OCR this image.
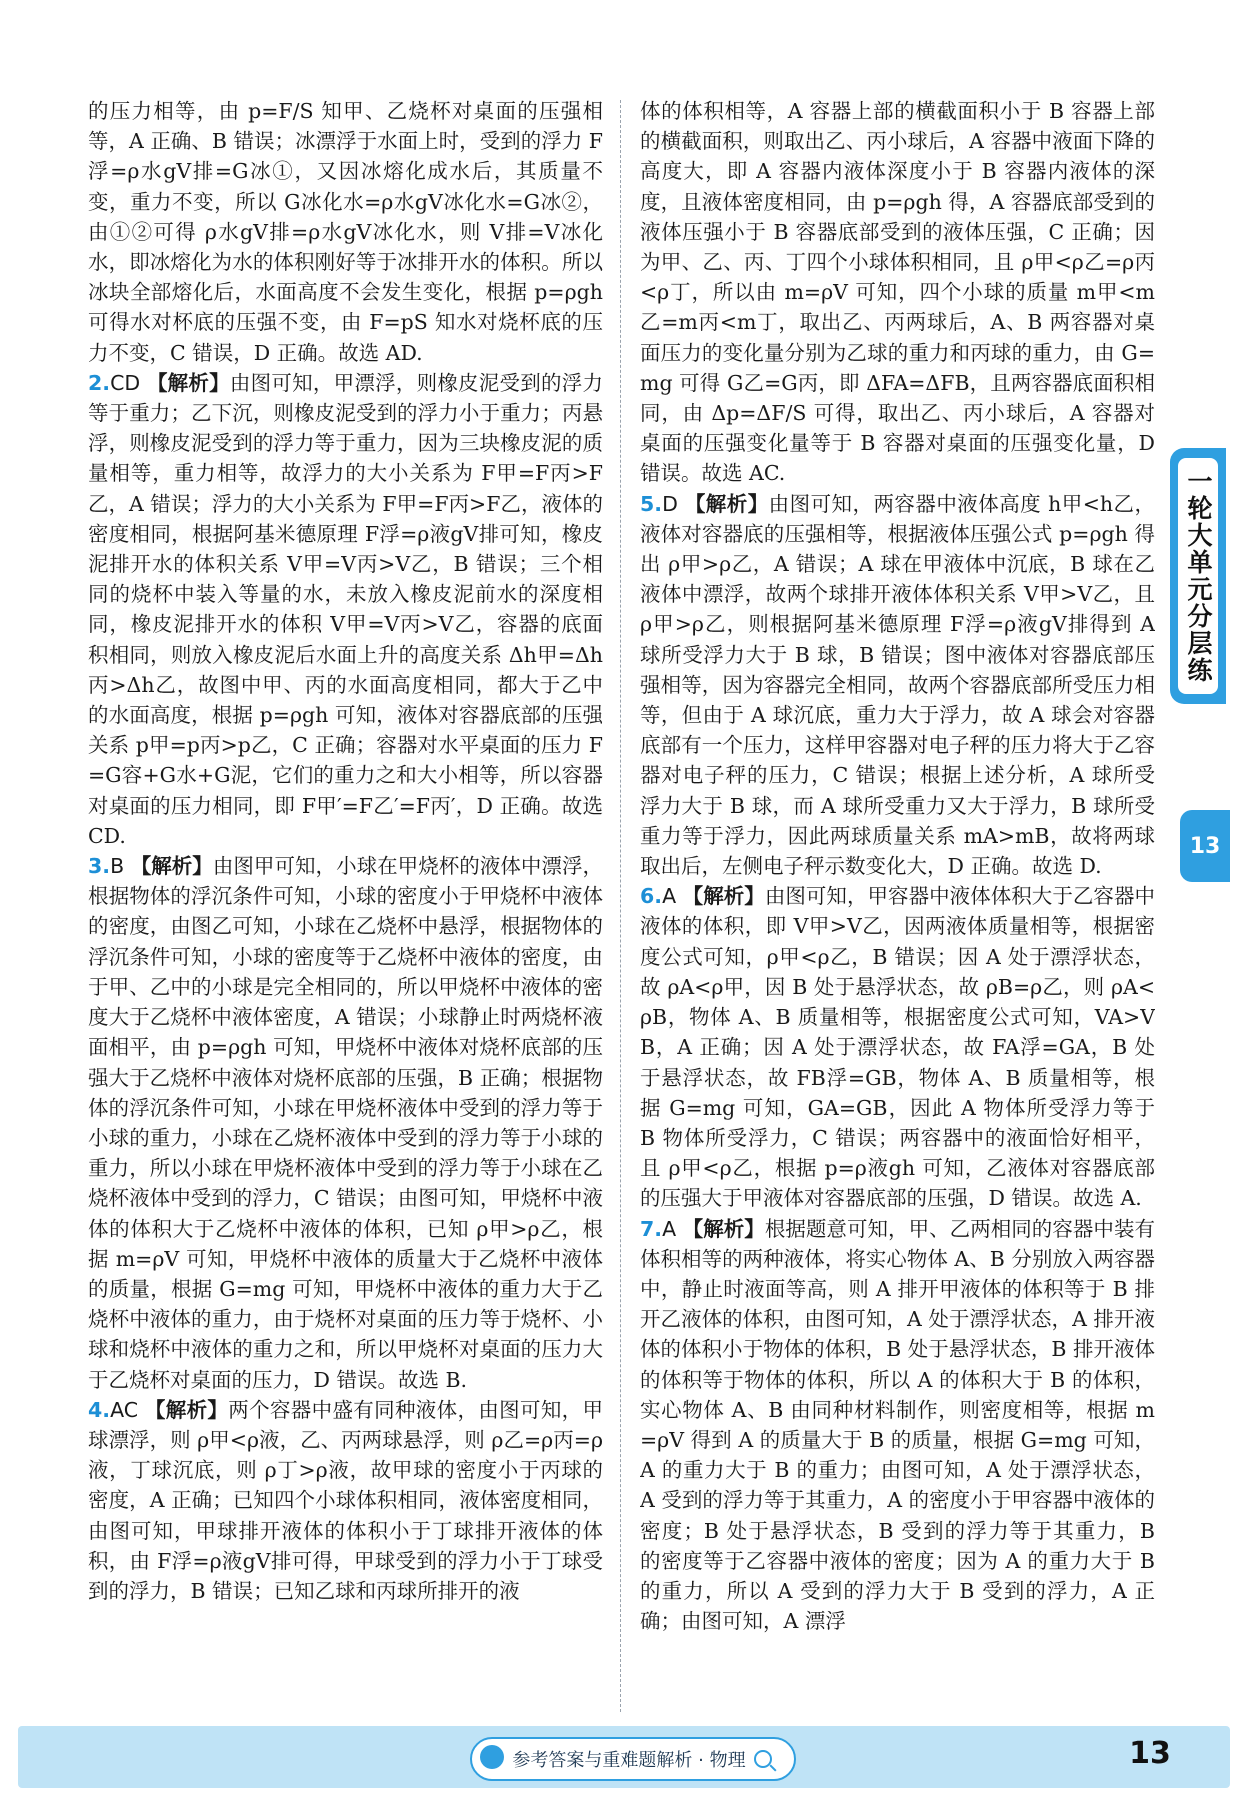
的压力相等，由 p=F/S 知甲、乙烧杯对桌面的压强相等，A 正确、B 错误；冰漂浮于水面上时，受到的浮力 F浮=ρ水gV排=G冰①，又因冰熔化成水后，其质量不变，重力不变，所以 G冰化水=ρ水gV冰化水=G冰②，由①②可得 ρ水gV排=ρ水gV冰化水，则 V排=V冰化水，即冰熔化为水的体积刚好等于冰排开水的体积。所以冰块全部熔化后，水面高度不会发生变化，根据 p=ρgh 可得水对杯底的压强不变，由 F=pS 知水对烧杯底的压力不变，C 错误，D 正确。故选 AD.

2.CD 【解析】由图可知，甲漂浮，则橡皮泥受到的浮力等于重力；乙下沉，则橡皮泥受到的浮力小于重力；丙悬浮，则橡皮泥受到的浮力等于重力，因为三块橡皮泥的质量相等，重力相等，故浮力的大小关系为 F甲=F丙>F乙，A 错误；浮力的大小关系为 F甲=F丙>F乙，液体的密度相同，根据阿基米德原理 F浮=ρ液gV排可知，橡皮泥排开水的体积关系 V甲=V丙>V乙，B 错误；三个相同的烧杯中装入等量的水，未放入橡皮泥前水的深度相同，橡皮泥排开水的体积 V甲=V丙>V乙，容器的底面积相同，则放入橡皮泥后水面上升的高度关系 Δh甲=Δh丙>Δh乙，故图中甲、丙的水面高度相同，都大于乙中的水面高度，根据 p=ρgh 可知，液体对容器底部的压强关系 p甲=p丙>p乙，C 正确；容器对水平桌面的压力 F=G容+G水+G泥，它们的重力之和大小相等，所以容器对桌面的压力相同，即 F甲′=F乙′=F丙′，D 正确。故选 CD.

3.B 【解析】由图甲可知，小球在甲烧杯的液体中漂浮，根据物体的浮沉条件可知，小球的密度小于甲烧杯中液体的密度，由图乙可知，小球在乙烧杯中悬浮，根据物体的浮沉条件可知，小球的密度等于乙烧杯中液体的密度，由于甲、乙中的小球是完全相同的，所以甲烧杯中液体的密度大于乙烧杯中液体密度，A 错误；小球静止时两烧杯液面相平，由 p=ρgh 可知，甲烧杯中液体对烧杯底部的压强大于乙烧杯中液体对烧杯底部的压强，B 正确；根据物体的浮沉条件可知，小球在甲烧杯液体中受到的浮力等于小球的重力，小球在乙烧杯液体中受到的浮力等于小球的重力，所以小球在甲烧杯液体中受到的浮力等于小球在乙烧杯液体中受到的浮力，C 错误；由图可知，甲烧杯中液体的体积大于乙烧杯中液体的体积，已知 ρ甲>ρ乙，根据 m=ρV 可知，甲烧杯中液体的质量大于乙烧杯中液体的质量，根据 G=mg 可知，甲烧杯中液体的重力大于乙烧杯中液体的重力，由于烧杯对桌面的压力等于烧杯、小球和烧杯中液体的重力之和，所以甲烧杯对桌面的压力大于乙烧杯对桌面的压力，D 错误。故选 B.

4.AC 【解析】两个容器中盛有同种液体，由图可知，甲球漂浮，则 ρ甲<ρ液，乙、丙两球悬浮，则 ρ乙=ρ丙=ρ液，丁球沉底，则 ρ丁>ρ液，故甲球的密度小于丙球的密度，A 正确；已知四个小球体积相同，液体密度相同，由图可知，甲球排开液体的体积小于丁球排开液体的体积，由 F浮=ρ液gV排可得，甲球受到的浮力小于丁球受到的浮力，B 错误；已知乙球和丙球所排开的液

体的体积相等，A 容器上部的横截面积小于 B 容器上部的横截面积，则取出乙、丙小球后，A 容器中液面下降的高度大，即 A 容器内液体深度小于 B 容器内液体的深度，且液体密度相同，由 p=ρgh 得，A 容器底部受到的液体压强小于 B 容器底部受到的液体压强，C 正确；因为甲、乙、丙、丁四个小球体积相同，且 ρ甲<ρ乙=ρ丙<ρ丁，所以由 m=ρV 可知，四个小球的质量 m甲<m乙=m丙<m丁，取出乙、丙两球后，A、B 两容器对桌面压力的变化量分别为乙球的重力和丙球的重力，由 G=mg 可得 G乙=G丙，即 ΔFA=ΔFB，且两容器底面积相同，由 Δp=ΔF/S 可得，取出乙、丙小球后，A 容器对桌面的压强变化量等于 B 容器对桌面的压强变化量，D 错误。故选 AC.

5.D 【解析】由图可知，两容器中液体高度 h甲<h乙，液体对容器底的压强相等，根据液体压强公式 p=ρgh 得出 ρ甲>ρ乙，A 错误；A 球在甲液体中沉底，B 球在乙液体中漂浮，故两个球排开液体体积关系 V甲>V乙，且 ρ甲>ρ乙，则根据阿基米德原理 F浮=ρ液gV排得到 A 球所受浮力大于 B 球，B 错误；图中液体对容器底部压强相等，因为容器完全相同，故两个容器底部所受压力相等，但由于 A 球沉底，重力大于浮力，故 A 球会对容器底部有一个压力，这样甲容器对电子秤的压力将大于乙容器对电子秤的压力，C 错误；根据上述分析，A 球所受浮力大于 B 球，而 A 球所受重力又大于浮力，B 球所受重力等于浮力，因此两球质量关系 mA>mB，故将两球取出后，左侧电子秤示数变化大，D 正确。故选 D.

6.A 【解析】由图可知，甲容器中液体体积大于乙容器中液体的体积，即 V甲>V乙，因两液体质量相等，根据密度公式可知，ρ甲<ρ乙，B 错误；因 A 处于漂浮状态，故 ρA<ρ甲，因 B 处于悬浮状态，故 ρB=ρ乙，则 ρA<ρB，物体 A、B 质量相等，根据密度公式可知，VA>VB，A 正确；因 A 处于漂浮状态，故 FA浮=GA，B 处于悬浮状态，故 FB浮=GB，物体 A、B 质量相等，根据 G=mg 可知，GA=GB，因此 A 物体所受浮力等于 B 物体所受浮力，C 错误；两容器中的液面恰好相平，且 ρ甲<ρ乙，根据 p=ρ液gh 可知，乙液体对容器底部的压强大于甲液体对容器底部的压强，D 错误。故选 A.

7.A 【解析】根据题意可知，甲、乙两相同的容器中装有体积相等的两种液体，将实心物体 A、B 分别放入两容器中，静止时液面等高，则 A 排开甲液体的体积等于 B 排开乙液体的体积，由图可知，A 处于漂浮状态，A 排开液体的体积小于物体的体积，B 处于悬浮状态，B 排开液体的体积等于物体的体积，所以 A 的体积大于 B 的体积，实心物体 A、B 由同种材料制作，则密度相等，根据 m=ρV 得到 A 的质量大于 B 的质量，根据 G=mg 可知，A 的重力大于 B 的重力；由图可知，A 处于漂浮状态，A 受到的浮力等于其重力，A 的密度小于甲容器中液体的密度；B 处于悬浮状态，B 受到的浮力等于其重力，B 的密度等于乙容器中液体的密度；因为 A 的重力大于 B 的重力，所以 A 受到的浮力大于 B 受到的浮力，A 正确；由图可知，A 漂浮

一轮大单元分层练
13
参考答案与重难题解析 · 物理	13
